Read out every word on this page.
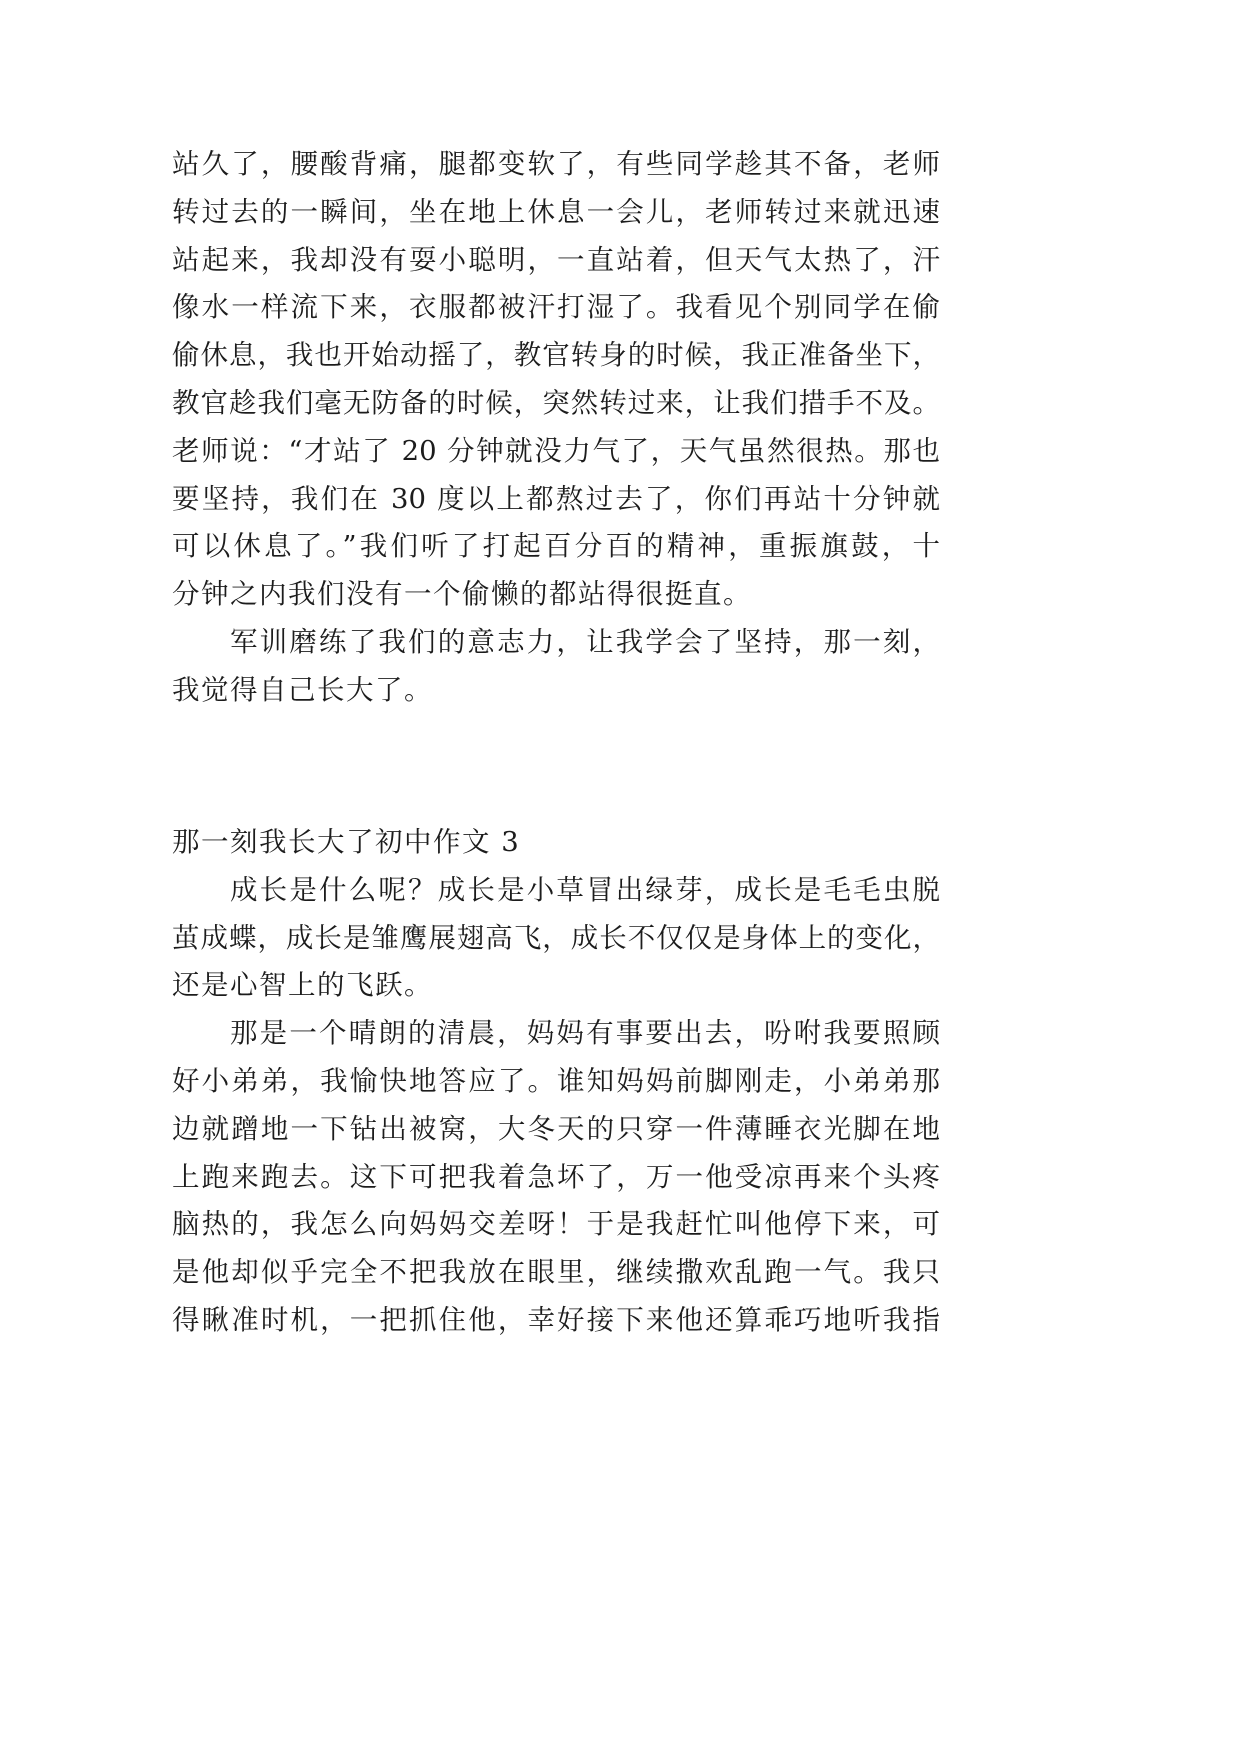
站久了，腰酸背痛，腿都变软了，有些同学趁其不备，老师
转过去的一瞬间，坐在地上休息一会儿，老师转过来就迅速
站起来，我却没有耍小聪明，一直站着，但天气太热了，汗
像水一样流下来，衣服都被汗打湿了。我看见个别同学在偷
偷休息，我也开始动摇了，教官转身的时候，我正准备坐下，
教官趁我们毫无防备的时候，突然转过来，让我们措手不及。
老师说：“才站了 20 分钟就没力气了，天气虽然很热。那也
要坚持，我们在 30 度以上都熬过去了，你们再站十分钟就
可以休息了。”我们听了打起百分百的精神，重振旗鼓，十
分钟之内我们没有一个偷懒的都站得很挺直。
军训磨练了我们的意志力，让我学会了坚持，那一刻，
我觉得自己长大了。
那一刻我长大了初中作文 3
成长是什么呢？成长是小草冒出绿芽，成长是毛毛虫脱
茧成蝶，成长是雏鹰展翅高飞，成长不仅仅是身体上的变化，
还是心智上的飞跃。
那是一个晴朗的清晨，妈妈有事要出去，吩咐我要照顾
好小弟弟，我愉快地答应了。谁知妈妈前脚刚走，小弟弟那
边就蹭地一下钻出被窝，大冬天的只穿一件薄睡衣光脚在地
上跑来跑去。这下可把我着急坏了，万一他受凉再来个头疼
脑热的，我怎么向妈妈交差呀！于是我赶忙叫他停下来，可
是他却似乎完全不把我放在眼里，继续撒欢乱跑一气。我只
得瞅准时机，一把抓住他，幸好接下来他还算乖巧地听我指
